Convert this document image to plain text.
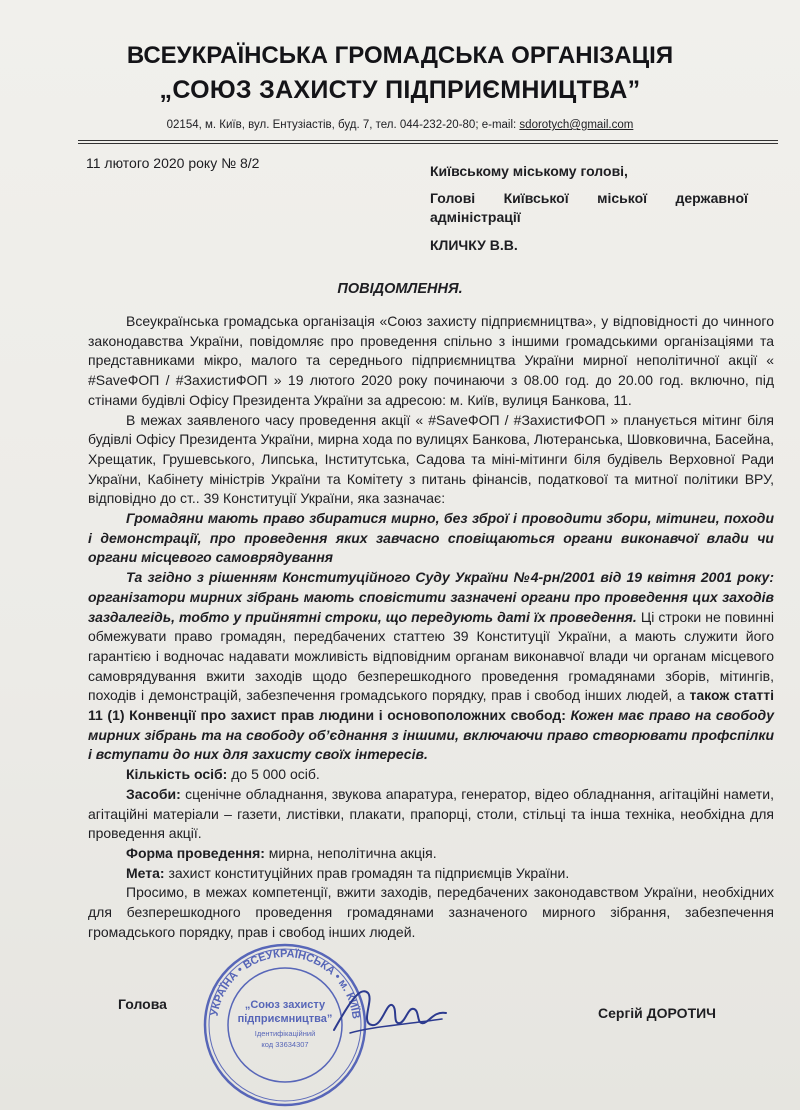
ВСЕУКРАЇНСЬКА ГРОМАДСЬКА ОРГАНІЗАЦІЯ
„СОЮЗ ЗАХИСТУ ПІДПРИЄМНИЦТВА”
02154, м. Київ, вул. Ентузіастів, буд. 7, тел. 044-232-20-80; e-mail: sdorotych@gmail.com
11 лютого 2020 року № 8/2	Київському міському голові,
Голові Київської міської державної
адміністрації
КЛИЧКУ В.В.
ПОВІДОМЛЕННЯ.

Всеукраїнська громадська організація «Союз захисту підприємництва», у відповідності до чинного законодавства України, повідомляє про проведення спільно з іншими громадськими організаціями та представниками мікро, малого та середнього підприємництва України мирної неполітичної акції « #SaveФОП / #ЗахистиФОП » 19 лютого 2020 року починаючи з 08.00 год. до 20.00 год. включно, під стінами будівлі Офісу Президента України за адресою: м. Київ, вулиця Банкова, 11.

В межах заявленого часу проведення акції « #SaveФОП / #ЗахистиФОП » планується мітинг біля будівлі Офісу Президента України, мирна хода по вулицях Банкова, Лютеранська, Шовковична, Басейна, Хрещатик, Грушевського, Липська, Інститутська, Садова та міні-мітинги біля будівель Верховної Ради України, Кабінету міністрів України та Комітету з питань фінансів, податкової та митної політики ВРУ, відповідно до ст.. 39 Конституції України, яка зазначає:

Громадяни мають право збиратися мирно, без зброї і проводити збори, мітинги, походи і демонстрації, про проведення яких завчасно сповіщаються органи виконавчої влади чи органи місцевого самоврядування

Та згідно з рішенням Конституційного Суду України №4-рн/2001 від 19 квітня 2001 року: організатори мирних зібрань мають сповістити зазначені органи про проведення цих заходів заздалегідь, тобто у прийнятні строки, що передують даті їх проведення. Ці строки не повинні обмежувати право громадян, передбачених статтею 39 Конституції України, а мають служити його гарантією і водночас надавати можливість відповідним органам виконавчої влади чи органам місцевого самоврядування вжити заходів щодо безперешкодного проведення громадянами зборів, мітингів, походів і демонстрацій, забезпечення громадського порядку, прав і свобод інших людей, а також статті 11 (1) Конвенції про захист прав людини і основоположних свобод: Кожен має право на свободу мирних зібрань та на свободу об’єднання з іншими, включаючи право створювати профспілки і вступати до них для захисту своїх інтересів.

Кількість осіб: до 5 000 осіб.

Засоби: сценічне обладнання, звукова апаратура, генератор, відео обладнання, агітаційні намети, агітаційні матеріали – газети, листівки, плакати, прапорці, столи, стільці та інша техніка, необхідна для проведення акції.

Форма проведення: мирна, неполітична акція.

Мета: захист конституційних прав громадян та підприємців України.

Просимо, в межах компетенції, вжити заходів, передбачених законодавством України, необхідних для безперешкодного проведення громадянами зазначеного мирного зібрання, забезпечення громадського порядку, прав і свобод інших людей.

Голова
УКРАЇНА • ВСЕУКРАЇНСЬКА • м. КИЇВ
„Союз захисту
підприємництва”
Ідентифікаційний
код 33634307
Сергій ДОРОТИЧ
